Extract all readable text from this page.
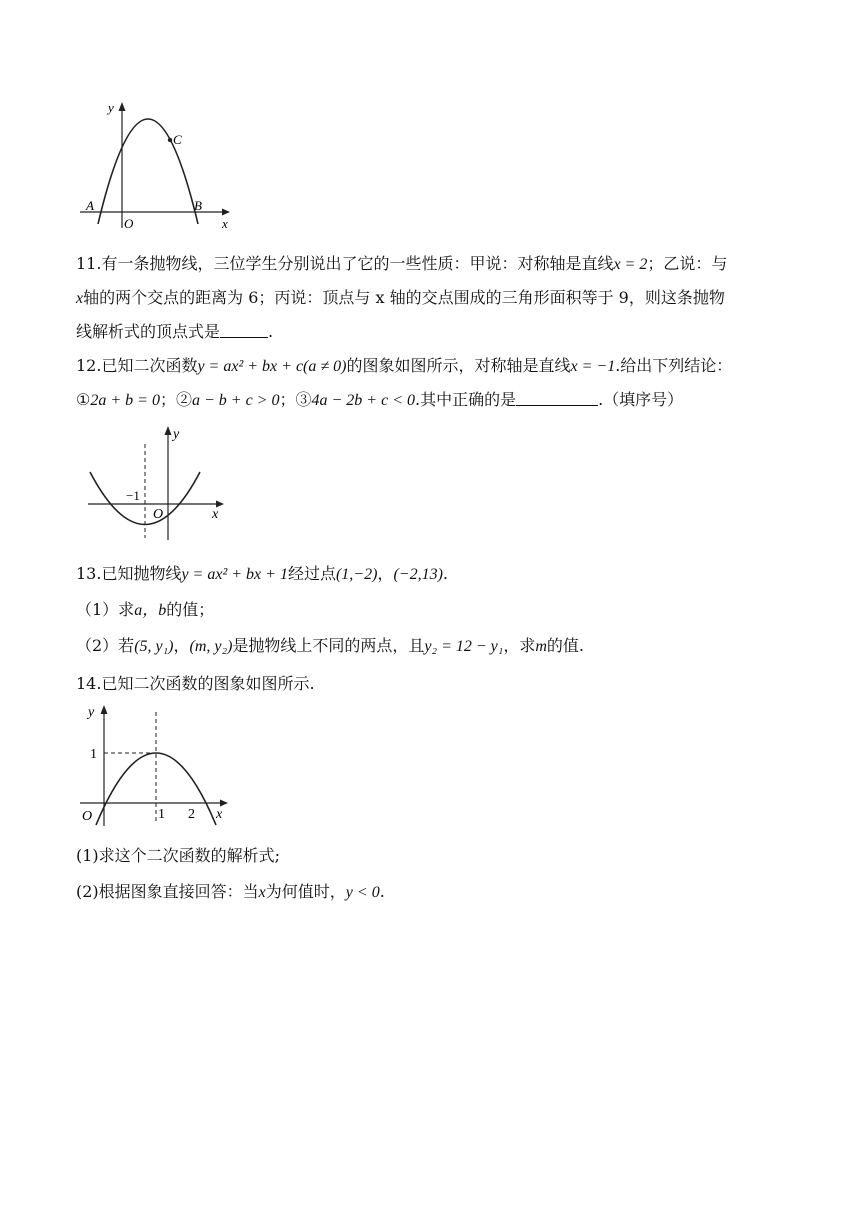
y
x
O
A	B
C
11.有一条抛物线，三位学生分别说出了它的一些性质：甲说：对称轴是直线x = 2；乙说：与
x轴的两个交点的距离为 6；丙说：顶点与 x 轴的交点围成的三角形面积等于 9，则这条抛物
线解析式的顶点式是	.
12.已知二次函数y = ax² + bx + c(a ≠ 0)的图象如图所示，对称轴是直线x = −1.给出下列结论：
①2a + b = 0；②a − b + c > 0；③4a − 2b + c < 0.其中正确的是	.（填序号）
y
x
O
−1
13.已知抛物线y = ax² + bx + 1经过点(1,−2)，(−2,13).
（1）求a，b的值；
（2）若(5, y₁)，(m, y₂)是抛物线上不同的两点，且y₂ = 12 − y₁，求m的值.
14.已知二次函数的图象如图所示.
y
x
O
1
1 2
(1)求这个二次函数的解析式;
(2)根据图象直接回答：当x为何值时，y < 0.
